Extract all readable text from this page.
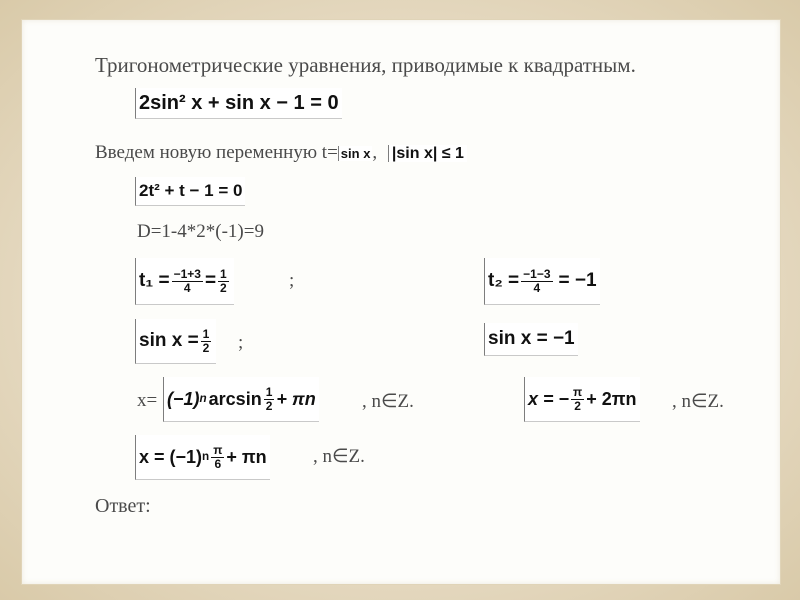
Тригонометрические уравнения, приводимые к квадратным.
2sin² x + sin x − 1 = 0
Введем новую переменную t= sin x , |sin x| ≤ 1
2t² + t − 1 = 0
D=1-4*2*(-1)=9
$t_1 = \frac{-1+3}{4} = \frac{1}{2}$	;	$t_2 = \frac{-1-3}{4} = -1$
$\sin x = \frac{1}{2}$ ;	sin x = −1
x= (−1) n $\arcsin \frac{1}{2} + \pi n$ , n∈Z.	x = − $\frac{\pi}{2} + 2\pi n$ , n∈Z.
x = (−1) n $\frac{\pi}{6} + \pi n$ , n∈Z.
Ответ:
